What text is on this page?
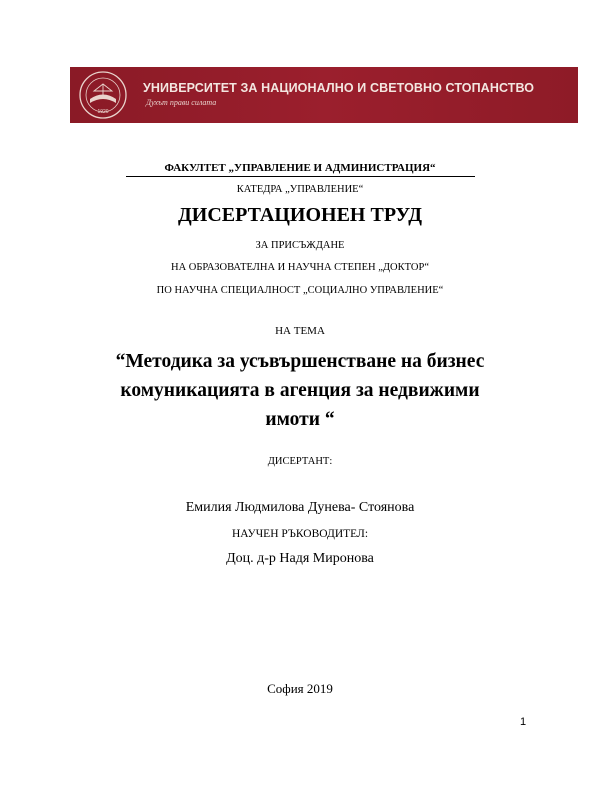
1920
УНИВЕРСИТЕТ ЗА НАЦИОНАЛНО И СВЕТОВНО СТОПАНСТВО
Духът прави силата
ФАКУЛТЕТ „УПРАВЛЕНИЕ И АДМИНИСТРАЦИЯ“
КАТЕДРА „УПРАВЛЕНИЕ“
ДИСЕРТАЦИОНЕН ТРУД
ЗА ПРИСЪЖДАНЕ
НА ОБРАЗОВАТЕЛНА И НАУЧНА СТЕПЕН „ДОКТОР“
ПО НАУЧНА СПЕЦИАЛНОСТ „СОЦИАЛНО УПРАВЛЕНИЕ“
НА ТЕМА
“Методика за усъвършенстване на бизнес
комуникацията в агенция за недвижими
имоти “
ДИСЕРТАНТ:
Емилия Людмилова Дунева- Стоянова
НАУЧЕН РЪКОВОДИТЕЛ:
Доц. д-р Надя Миронова
София 2019
1
